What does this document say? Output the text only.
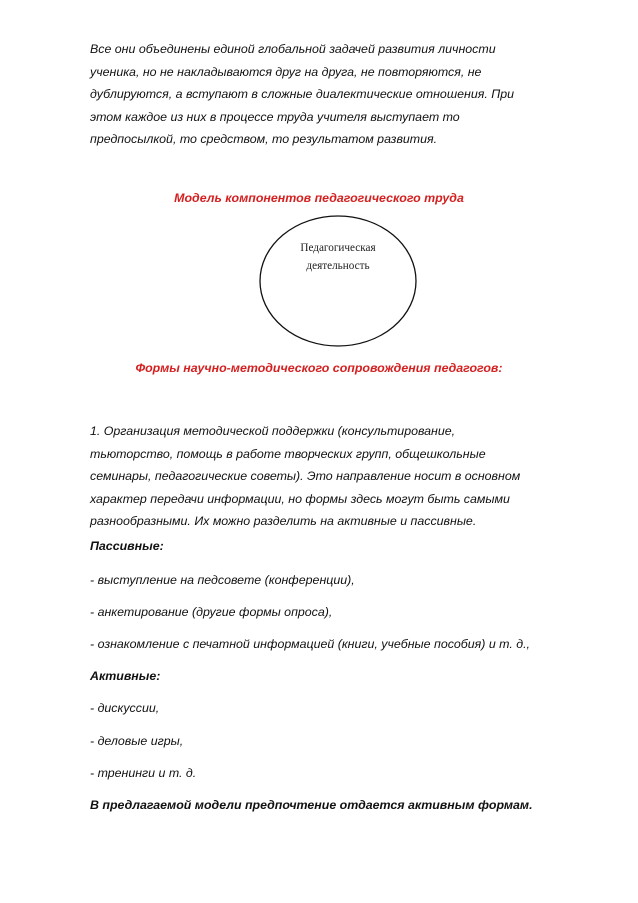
Все они объединены единой глобальной задачей развития личности
ученика, но не накладываются друг на друга, не повторяются, не
дублируются, а вступают в сложные диалектические отношения. При
этом каждое из них в процессе труда учителя выступает то
предпосылкой, то средством, то результатом развития.

Модель компонентов педагогического труда

Педагогическая
деятельность

Формы научно-методического сопровождения педагогов:

1. Организация методической поддержки (консультирование,
тьюторство, помощь в работе творческих групп, общешкольные
семинары, педагогические советы). Это направление носит в основном
характер передачи информации, но формы здесь могут быть самыми
разнообразными. Их можно разделить на активные и пассивные.

Пассивные:

- выступление на педсовете (конференции),

- анкетирование (другие формы опроса),

- ознакомление с печатной информацией (книги, учебные пособия) и т. д.,

Активные:

- дискуссии,

- деловые игры,

- тренинги и т. д.

В предлагаемой модели предпочтение отдается активным формам.
